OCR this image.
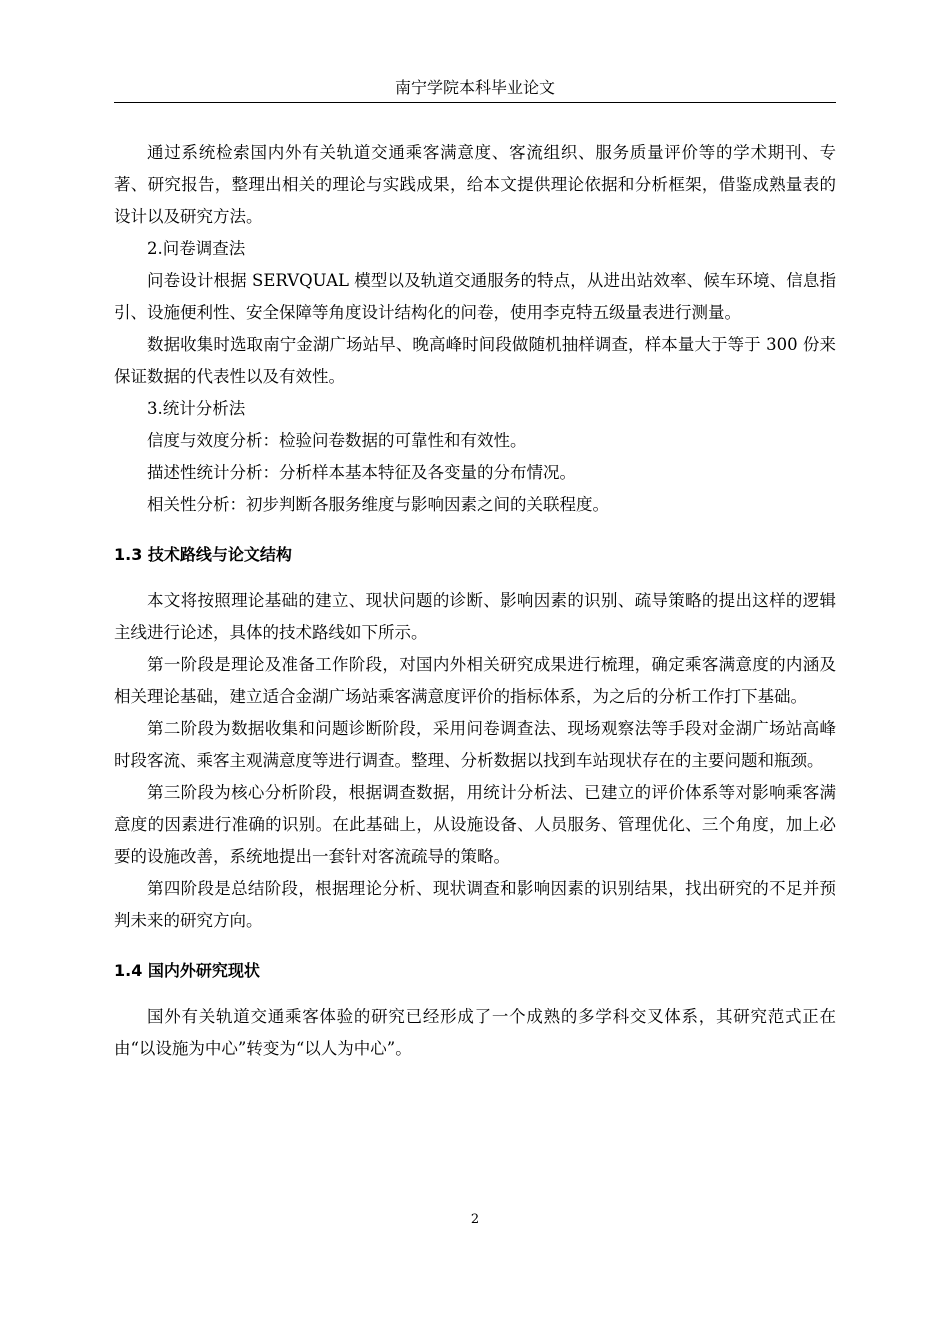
南宁学院本科毕业论文

通过系统检索国内外有关轨道交通乘客满意度、客流组织、服务质量评价等的学术期刊、专著、研究报告，整理出相关的理论与实践成果，给本文提供理论依据和分析框架，借鉴成熟量表的设计以及研究方法。

2.问卷调查法

问卷设计根据 SERVQUAL 模型以及轨道交通服务的特点，从进出站效率、候车环境、信息指引、设施便利性、安全保障等角度设计结构化的问卷，使用李克特五级量表进行测量。

数据收集时选取南宁金湖广场站早、晚高峰时间段做随机抽样调查，样本量大于等于 300 份来保证数据的代表性以及有效性。

3.统计分析法

信度与效度分析：检验问卷数据的可靠性和有效性。

描述性统计分析：分析样本基本特征及各变量的分布情况。

相关性分析：初步判断各服务维度与影响因素之间的关联程度。

1.3 技术路线与论文结构

本文将按照理论基础的建立、现状问题的诊断、影响因素的识别、疏导策略的提出这样的逻辑主线进行论述，具体的技术路线如下所示。

第一阶段是理论及准备工作阶段，对国内外相关研究成果进行梳理，确定乘客满意度的内涵及相关理论基础，建立适合金湖广场站乘客满意度评价的指标体系，为之后的分析工作打下基础。

第二阶段为数据收集和问题诊断阶段，采用问卷调查法、现场观察法等手段对金湖广场站高峰时段客流、乘客主观满意度等进行调查。整理、分析数据以找到车站现状存在的主要问题和瓶颈。

第三阶段为核心分析阶段，根据调查数据，用统计分析法、已建立的评价体系等对影响乘客满意度的因素进行准确的识别。在此基础上，从设施设备、人员服务、管理优化、三个角度，加上必要的设施改善，系统地提出一套针对客流疏导的策略。

第四阶段是总结阶段，根据理论分析、现状调查和影响因素的识别结果，找出研究的不足并预判未来的研究方向。

1.4 国内外研究现状

国外有关轨道交通乘客体验的研究已经形成了一个成熟的多学科交叉体系，其研究范式正在由“以设施为中心”转变为“以人为中心”。

2
